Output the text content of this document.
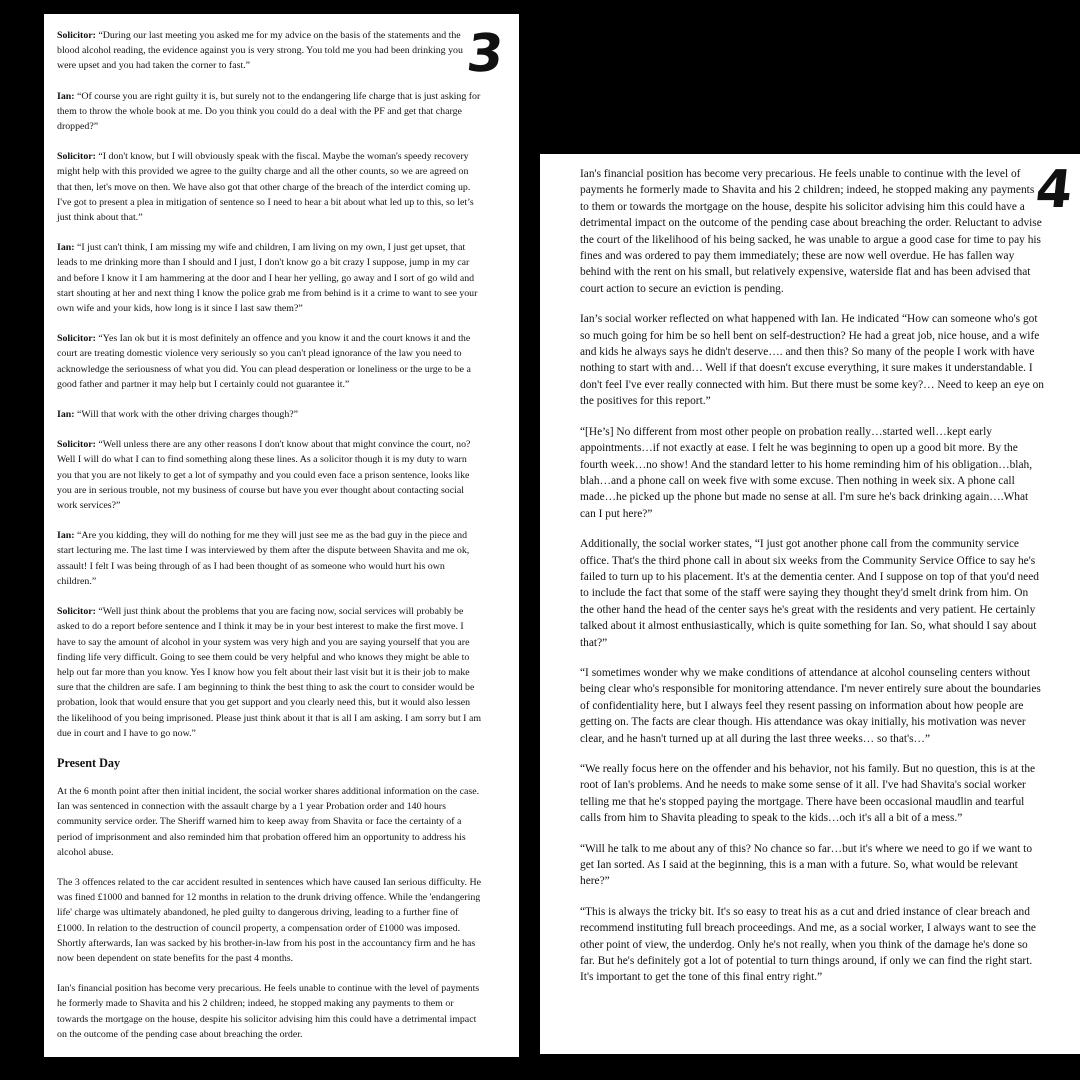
3

Solicitor: “During our last meeting you asked me for my advice on the basis of the statements and the blood alcohol reading, the evidence against you is very strong. You told me you had been drinking you were upset and you had taken the corner to fast.”

Ian: “Of course you are right guilty it is, but surely not to the endangering life charge that is just asking for them to throw the whole book at me. Do you think you could do a deal with the PF and get that charge dropped?”

Solicitor: “I don't know, but I will obviously speak with the fiscal. Maybe the woman's speedy recovery might help with this provided we agree to the guilty charge and all the other counts, so we are agreed on that then, let's move on then. We have also got that other charge of the breach of the interdict coming up. I've got to present a plea in mitigation of sentence so I need to hear a bit about what led up to this, so let’s just think about that.”

Ian: “I just can't think, I am missing my wife and children, I am living on my own, I just get upset, that leads to me drinking more than I should and I just, I don't know go a bit crazy I suppose, jump in my car and before I know it I am hammering at the door and I hear her yelling, go away and I sort of go wild and start shouting at her and next thing I know the police grab me from behind is it a crime to want to see your own wife and your kids, how long is it since I last saw them?”

Solicitor: “Yes Ian ok but it is most definitely an offence and you know it and the court knows it and the court are treating domestic violence very seriously so you can't plead ignorance of the law you need to acknowledge the seriousness of what you did. You can plead desperation or loneliness or the urge to be a good father and partner it may help but I certainly could not guarantee it.”

Ian: “Will that work with the other driving charges though?”

Solicitor: “Well unless there are any other reasons I don't know about that might convince the court, no? Well I will do what I can to find something along these lines. As a solicitor though it is my duty to warn you that you are not likely to get a lot of sympathy and you could even face a prison sentence, looks like you are in serious trouble, not my business of course but have you ever thought about contacting social work services?”

Ian: “Are you kidding, they will do nothing for me they will just see me as the bad guy in the piece and start lecturing me. The last time I was interviewed by them after the dispute between Shavita and me ok, assault! I felt I was being through of as I had been thought of as someone who would hurt his own children.”

Solicitor: “Well just think about the problems that you are facing now, social services will probably be asked to do a report before sentence and I think it may be in your best interest to make the first move. I have to say the amount of alcohol in your system was very high and you are saying yourself that you are finding life very difficult. Going to see them could be very helpful and who knows they might be able to help out far more than you know. Yes I know how you felt about their last visit but it is their job to make sure that the children are safe. I am beginning to think the best thing to ask the court to consider would be probation, look that would ensure that you get support and you clearly need this, but it would also lessen the likelihood of you being imprisoned. Please just think about it that is all I am asking. I am sorry but I am due in court and I have to go now.”

Present Day

At the 6 month point after then initial incident, the social worker shares additional information on the case. Ian was sentenced in connection with the assault charge by a 1 year Probation order and 140 hours community service order. The Sheriff warned him to keep away from Shavita or face the certainty of a period of imprisonment and also reminded him that probation offered him an opportunity to address his alcohol abuse.

The 3 offences related to the car accident resulted in sentences which have caused Ian serious difficulty. He was fined £1000 and banned for 12 months in relation to the drunk driving offence. While the 'endangering life' charge was ultimately abandoned, he pled guilty to dangerous driving, leading to a further fine of £1000. In relation to the destruction of council property, a compensation order of £1000 was imposed. Shortly afterwards, Ian was sacked by his brother-in-law from his post in the accountancy firm and he has now been dependent on state benefits for the past 4 months.

Ian's financial position has become very precarious. He feels unable to continue with the level of payments he formerly made to Shavita and his 2 children; indeed, he stopped making any payments to them or towards the mortgage on the house, despite his solicitor advising him this could have a detrimental impact on the outcome of the pending case about breaching the order.

4

Ian's financial position has become very precarious. He feels unable to continue with the level of payments he formerly made to Shavita and his 2 children; indeed, he stopped making any payments to them or towards the mortgage on the house, despite his solicitor advising him this could have a detrimental impact on the outcome of the pending case about breaching the order. Reluctant to advise the court of the likelihood of his being sacked, he was unable to argue a good case for time to pay his fines and was ordered to pay them immediately; these are now well overdue. He has fallen way behind with the rent on his small, but relatively expensive, waterside flat and has been advised that court action to secure an eviction is pending.

Ian’s social worker reflected on what happened with Ian. He indicated “How can someone who's got so much going for him be so hell bent on self-destruction? He had a great job, nice house, and a wife and kids he always says he didn't deserve…. and then this? So many of the people I work with have nothing to start with and… Well if that doesn't excuse everything, it sure makes it understandable. I don't feel I've ever really connected with him. But there must be some key?… Need to keep an eye on the positives for this report.”

“[He’s] No different from most other people on probation really…started well…kept early appointments…if not exactly at ease. I felt he was beginning to open up a good bit more. By the fourth week…no show! And the standard letter to his home reminding him of his obligation…blah, blah…and a phone call on week five with some excuse. Then nothing in week six. A phone call made…he picked up the phone but made no sense at all. I'm sure he's back drinking again….What can I put here?”

Additionally, the social worker states, “I just got another phone call from the community service office. That's the third phone call in about six weeks from the Community Service Office to say he's failed to turn up to his placement. It's at the dementia center. And I suppose on top of that you'd need to include the fact that some of the staff were saying they thought they'd smelt drink from him. On the other hand the head of the center says he's great with the residents and very patient. He certainly talked about it almost enthusiastically, which is quite something for Ian. So, what should I say about that?”

“I sometimes wonder why we make conditions of attendance at alcohol counseling centers without being clear who's responsible for monitoring attendance. I'm never entirely sure about the boundaries of confidentiality here, but I always feel they resent passing on information about how people are getting on. The facts are clear though. His attendance was okay initially, his motivation was never clear, and he hasn't turned up at all during the last three weeks… so that's…”

“We really focus here on the offender and his behavior, not his family. But no question, this is at the root of Ian's problems. And he needs to make some sense of it all. I've had Shavita's social worker telling me that he's stopped paying the mortgage. There have been occasional maudlin and tearful calls from him to Shavita pleading to speak to the kids…och it's all a bit of a mess.”

“Will he talk to me about any of this? No chance so far…but it's where we need to go if we want to get Ian sorted. As I said at the beginning, this is a man with a future. So, what would be relevant here?”

“This is always the tricky bit. It's so easy to treat his as a cut and dried instance of clear breach and recommend instituting full breach proceedings. And me, as a social worker, I always want to see the other point of view, the underdog. Only he's not really, when you think of the damage he's done so far. But he's definitely got a lot of potential to turn things around, if only we can find the right start. It's important to get the tone of this final entry right.”
